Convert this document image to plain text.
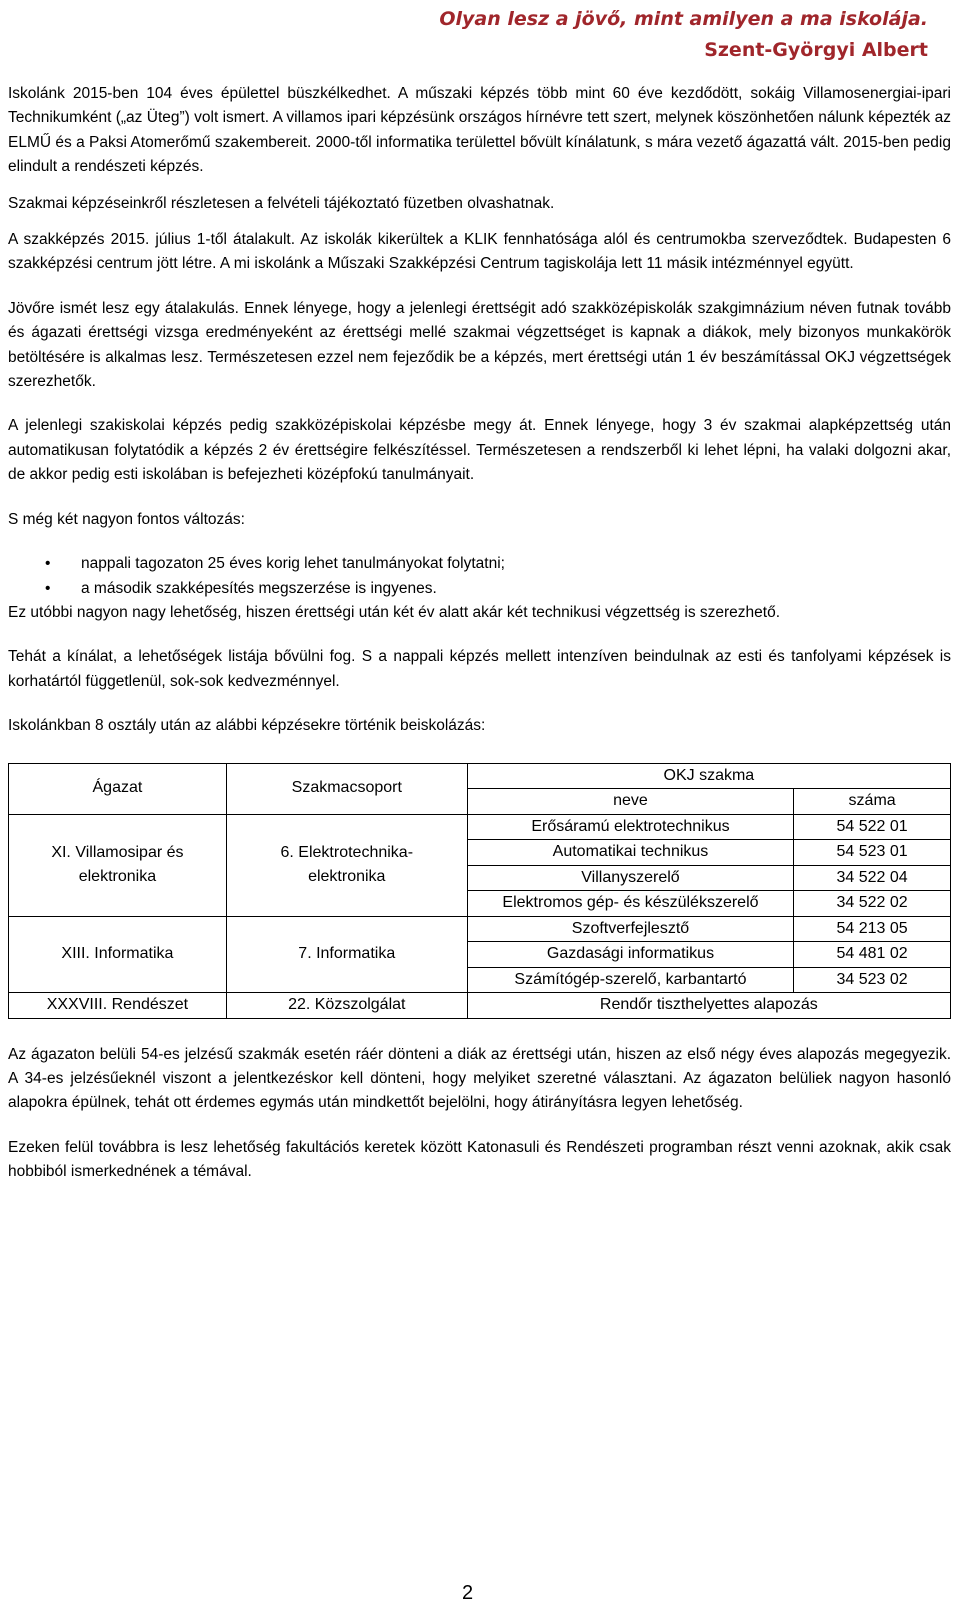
Olyan lesz a jövő, mint amilyen a ma iskolája.
Szent-Györgyi Albert

Iskolánk 2015-ben 104 éves épülettel büszkélkedhet. A műszaki képzés több mint 60 éve kezdődött, sokáig Villamosenergiai-ipari Technikumként („az Üteg”) volt ismert. A villamos ipari képzésünk országos hírnévre tett szert, melynek köszönhetően nálunk képezték az ELMŰ és a Paksi Atomerőmű szakembereit. 2000-től informatika területtel bővült kínálatunk, s mára vezető ágazattá vált. 2015-ben pedig elindult a rendészeti képzés.

Szakmai képzéseinkről részletesen a felvételi tájékoztató füzetben olvashatnak.

A szakképzés 2015. július 1-től átalakult. Az iskolák kikerültek a KLIK fennhatósága alól és centrumokba szerveződtek. Budapesten 6 szakképzési centrum jött létre. A mi iskolánk a Műszaki Szakképzési Centrum tagiskolája lett 11 másik intézménnyel együtt.

Jövőre ismét lesz egy átalakulás. Ennek lényege, hogy a jelenlegi érettségit adó szakközépiskolák szakgimnázium néven futnak tovább és ágazati érettségi vizsga eredményeként az érettségi mellé szakmai végzettséget is kapnak a diákok, mely bizonyos munkakörök betöltésére is alkalmas lesz. Természetesen ezzel nem fejeződik be a képzés, mert érettségi után 1 év beszámítással OKJ végzettségek szerezhetők.

A jelenlegi szakiskolai képzés pedig szakközépiskolai képzésbe megy át. Ennek lényege, hogy 3 év szakmai alapképzettség után automatikusan folytatódik a képzés 2 év érettségire felkészítéssel. Természetesen a rendszerből ki lehet lépni, ha valaki dolgozni akar, de akkor pedig esti iskolában is befejezheti középfokú tanulmányait.

S még két nagyon fontos változás:

• nappali tagozaton 25 éves korig lehet tanulmányokat folytatni;
• a második szakképesítés megszerzése is ingyenes.

Ez utóbbi nagyon nagy lehetőség, hiszen érettségi után két év alatt akár két technikusi végzettség is szerezhető.

Tehát a kínálat, a lehetőségek listája bővülni fog. S a nappali képzés mellett intenzíven beindulnak az esti és tanfolyami képzések is korhatártól függetlenül, sok-sok kedvezménnyel.

Iskolánkban 8 osztály után az alábbi képzésekre történik beiskolázás:

Ágazat	Szakmacsoport	OKJ szakma	
		neve	száma
XI. Villamosipar és elektronika	6. Elektrotechnika-elektronika	Erősáramú elektrotechnikus	54 522 01
		Automatikai technikus	54 523 01
		Villanyszerelő	34 522 04
		Elektromos gép- és készülékszerelő	34 522 02
XIII. Informatika	7. Informatika	Szoftverfejlesztő	54 213 05
		Gazdasági informatikus	54 481 02
		Számítógép-szerelő, karbantartó	34 523 02
XXXVIII. Rendészet	22. Közszolgálat	Rendőr tiszthelyettes alapozás	

Az ágazaton belüli 54-es jelzésű szakmák esetén ráér dönteni a diák az érettségi után, hiszen az első négy éves alapozás megegyezik. A 34-es jelzésűeknél viszont a jelentkezéskor kell dönteni, hogy melyiket szeretné választani. Az ágazaton belüliek nagyon hasonló alapokra épülnek, tehát ott érdemes egymás után mindkettőt bejelölni, hogy átirányításra legyen lehetőség.

Ezeken felül továbbra is lesz lehetőség fakultációs keretek között Katonasuli és Rendészeti programban részt venni azoknak, akik csak hobbiból ismerkednének a témával.

2
